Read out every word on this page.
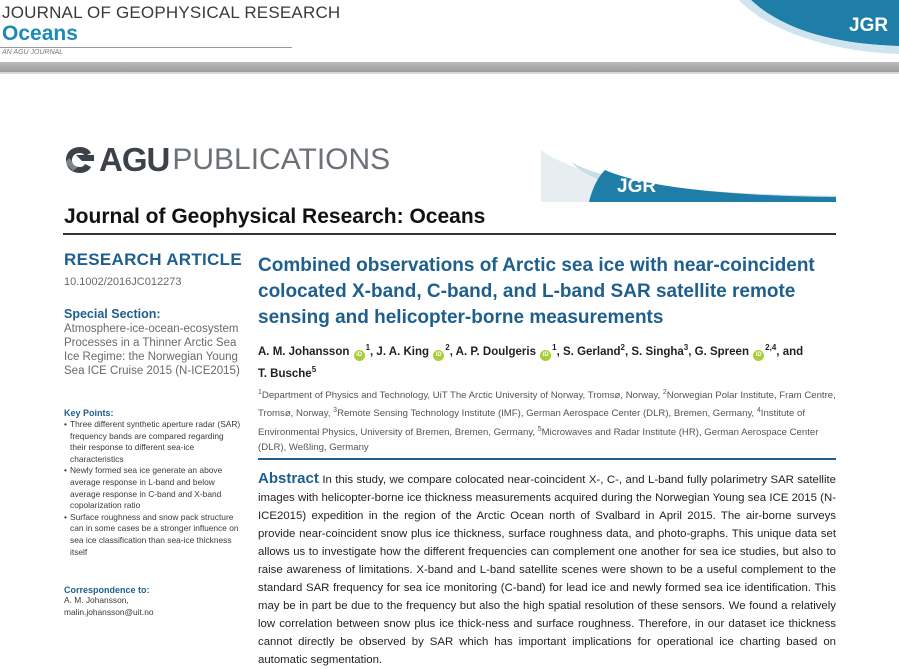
JOURNAL OF GEOPHYSICAL RESEARCH
Oceans
AN AGU JOURNAL
JGR
AGU PUBLICATIONS
JGR
Journal of Geophysical Research: Oceans
RESEARCH ARTICLE
10.1002/2016JC012273
Special Section:
Atmosphere-ice-ocean-ecosystem Processes in a Thinner Arctic Sea Ice Regime: the Norwegian Young Sea ICE Cruise 2015 (N-ICE2015)
Key Points:
• Three different synthetic aperture radar (SAR) frequency bands are compared regarding their response to different sea-ice characteristics
• Newly formed sea ice generate an above average response in L-band and below average response in C-band and X-band copolarization ratio
• Surface roughness and snow pack structure can in some cases be a stronger influence on sea ice classification than sea-ice thickness itself
Correspondence to:
A. M. Johansson,
malin.johansson@uit.no
Combined observations of Arctic sea ice with near-coincident colocated X-band, C-band, and L-band SAR satellite remote sensing and helicopter-borne measurements
A. M. Johansson $iD^1$, J. A. King $iD^2$, A. P. Doulgeris $iD^1$, S. Gerland$^2$, S. Singha$^3$, G. Spreen iD$^{2,4}$, and
T. Busche$^5$
$^1$Department of Physics and Technology, UiT The Arctic University of Norway, Tromsø, Norway, $^2$Norwegian Polar Institute, Fram Centre, Tromsø, Norway, $^3$Remote Sensing Technology Institute (IMF), German Aerospace Center (DLR), Bremen, Germany, $^4$Institute of Environmental Physics, University of Bremen, Bremen, Germany, $^5$Microwaves and Radar Institute (HR), German Aerospace Center (DLR), Weßling, Germany
Abstract In this study, we compare colocated near-coincident X-, C-, and L-band fully polarimetry SAR satellite images with helicopter-borne ice thickness measurements acquired during the Norwegian Young sea ICE 2015 (N-ICE2015) expedition in the region of the Arctic Ocean north of Svalbard in April 2015. The air-borne surveys provide near-coincident snow plus ice thickness, surface roughness data, and photo-graphs. This unique data set allows us to investigate how the different frequencies can complement one another for sea ice studies, but also to raise awareness of limitations. X-band and L-band satellite scenes were shown to be a useful complement to the standard SAR frequency for sea ice monitoring (C-band) for lead ice and newly formed sea ice identification. This may be in part be due to the frequency but also the high spatial resolution of these sensors. We found a relatively low correlation between snow plus ice thick-ness and surface roughness. Therefore, in our dataset ice thickness cannot directly be observed by SAR which has important implications for operational ice charting based on automatic segmentation.
